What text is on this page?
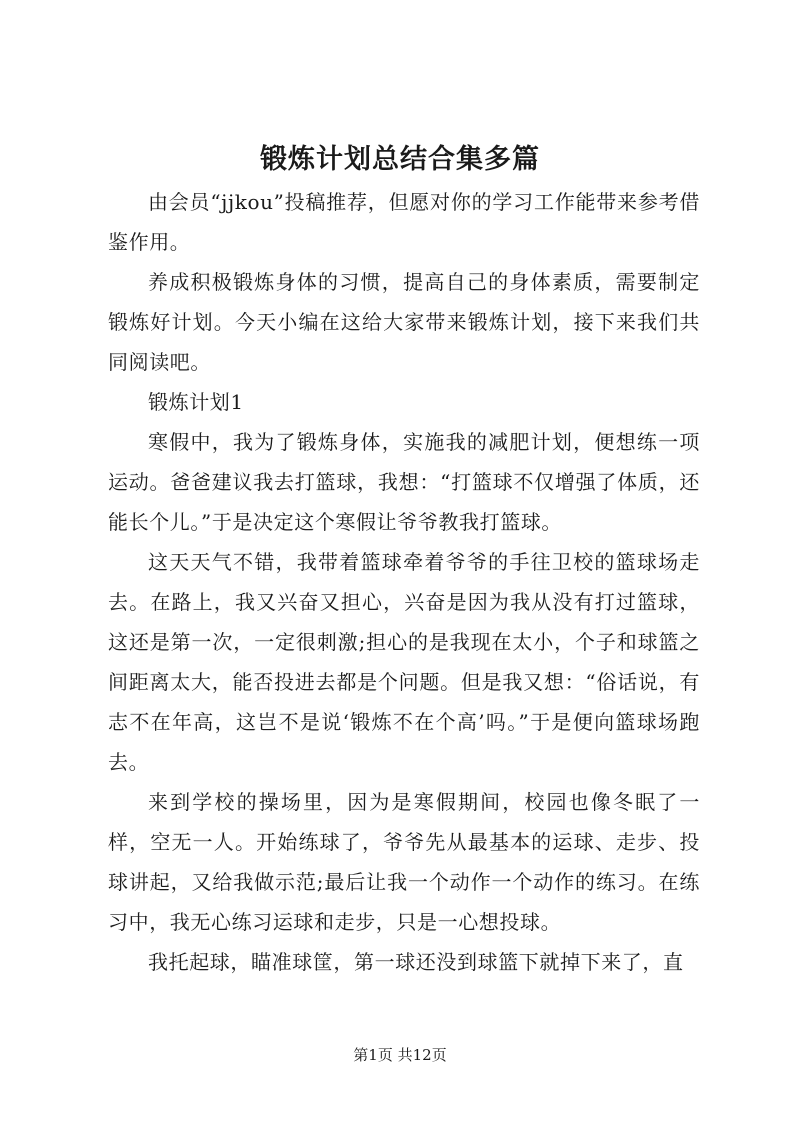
锻炼计划总结合集多篇

由会员“jjkou”投稿推荐，但愿对你的学习工作能带来参考借鉴作用。

养成积极锻炼身体的习惯，提高自己的身体素质，需要制定锻炼好计划。今天小编在这给大家带来锻炼计划，接下来我们共同阅读吧。

锻炼计划1

寒假中，我为了锻炼身体，实施我的减肥计划，便想练一项运动。爸爸建议我去打篮球，我想：“打篮球不仅增强了体质，还能长个儿。”于是决定这个寒假让爷爷教我打篮球。

这天天气不错，我带着篮球牵着爷爷的手往卫校的篮球场走去。在路上，我又兴奋又担心，兴奋是因为我从没有打过篮球，这还是第一次，一定很刺激;担心的是我现在太小，个子和球篮之间距离太大，能否投进去都是个问题。但是我又想：“俗话说，有志不在年高，这岂不是说‘锻炼不在个高’吗。”于是便向篮球场跑去。

来到学校的操场里，因为是寒假期间，校园也像冬眠了一样，空无一人。开始练球了，爷爷先从最基本的运球、走步、投球讲起，又给我做示范;最后让我一个动作一个动作的练习。在练习中，我无心练习运球和走步，只是一心想投球。

我托起球，瞄准球筐，第一球还没到球篮下就掉下来了，直

第1页 共12页
